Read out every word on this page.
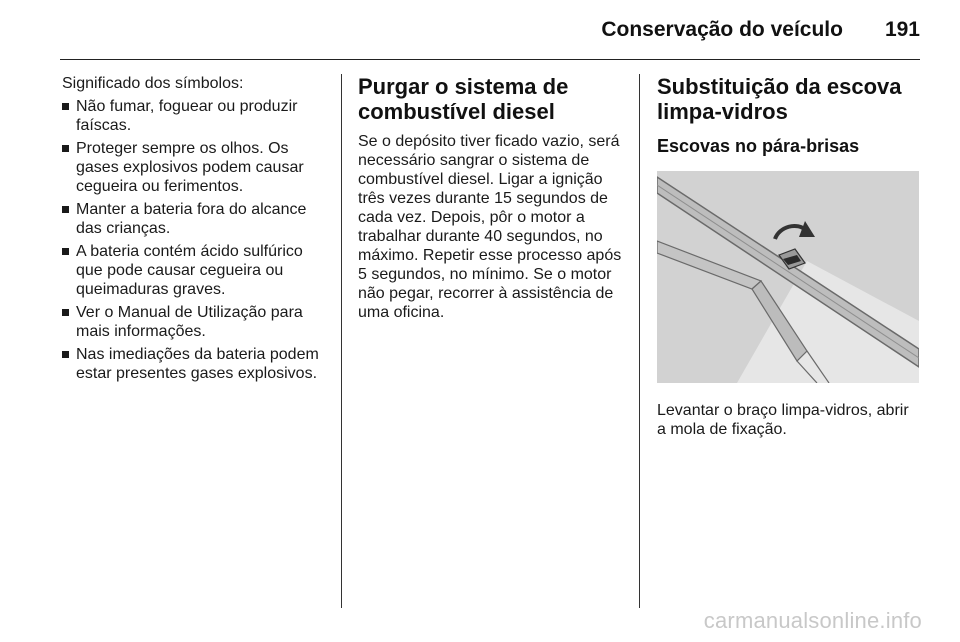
Conservação do veículo 191

Significado dos símbolos:

Não fumar, foguear ou produzir faíscas.
Proteger sempre os olhos. Os gases explosivos podem causar cegueira ou ferimentos.
Manter a bateria fora do alcance das crianças.
A bateria contém ácido sulfúrico que pode causar cegueira ou queimaduras graves.
Ver o Manual de Utilização para mais informações.
Nas imediações da bateria podem estar presentes gases explosivos.
Purgar o sistema de combustível diesel

Se o depósito tiver ficado vazio, será necessário sangrar o sistema de combustível diesel. Ligar a ignição três vezes durante 15 segundos de cada vez. Depois, pôr o motor a trabalhar durante 40 segundos, no máximo. Repetir esse processo após 5 segundos, no mínimo. Se o motor não pegar, recorrer à assistência de uma oficina.

Substituição da escova limpa-vidros
Escovas no pára-brisas

Levantar o braço limpa-vidros, abrir a mola de fixação.

carmanualsonline.info
